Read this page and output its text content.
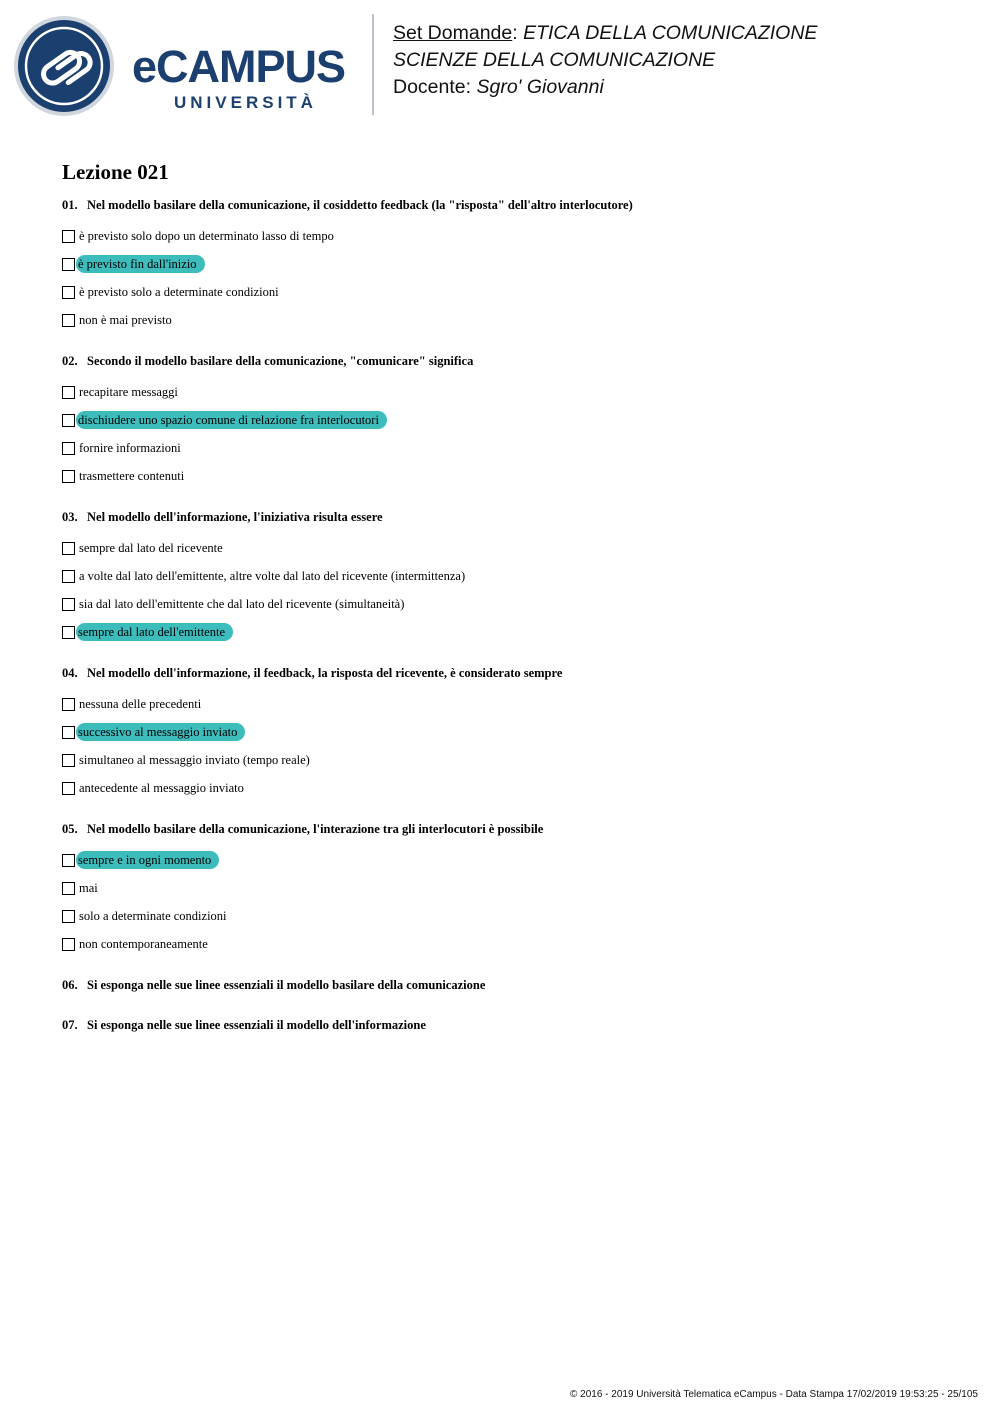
eCAMPUS
UNIVERSITÀ
Set Domande: ETICA DELLA COMUNICAZIONE
SCIENZE DELLA COMUNICAZIONE
Docente: Sgro' Giovanni
Lezione 021
01. Nel modello basilare della comunicazione, il cosiddetto feedback (la "risposta" dell'altro interlocutore)
è previsto solo dopo un determinato lasso di tempo
è previsto fin dall'inizio
è previsto solo a determinate condizioni
non è mai previsto
02. Secondo il modello basilare della comunicazione, "comunicare" significa
recapitare messaggi
dischiudere uno spazio comune di relazione fra interlocutori
fornire informazioni
trasmettere contenuti
03. Nel modello dell'informazione, l'iniziativa risulta essere
sempre dal lato del ricevente
a volte dal lato dell'emittente, altre volte dal lato del ricevente (intermittenza)
sia dal lato dell'emittente che dal lato del ricevente (simultaneità)
sempre dal lato dell'emittente
04. Nel modello dell'informazione, il feedback, la risposta del ricevente, è considerato sempre
nessuna delle precedenti
successivo al messaggio inviato
simultaneo al messaggio inviato (tempo reale)
antecedente al messaggio inviato
05. Nel modello basilare della comunicazione, l'interazione tra gli interlocutori è possibile
sempre e in ogni momento
mai
solo a determinate condizioni
non contemporaneamente
06. Si esponga nelle sue linee essenziali il modello basilare della comunicazione
07. Si esponga nelle sue linee essenziali il modello dell'informazione
© 2016 - 2019 Università Telematica eCampus - Data Stampa 17/02/2019 19:53:25 - 25/105
